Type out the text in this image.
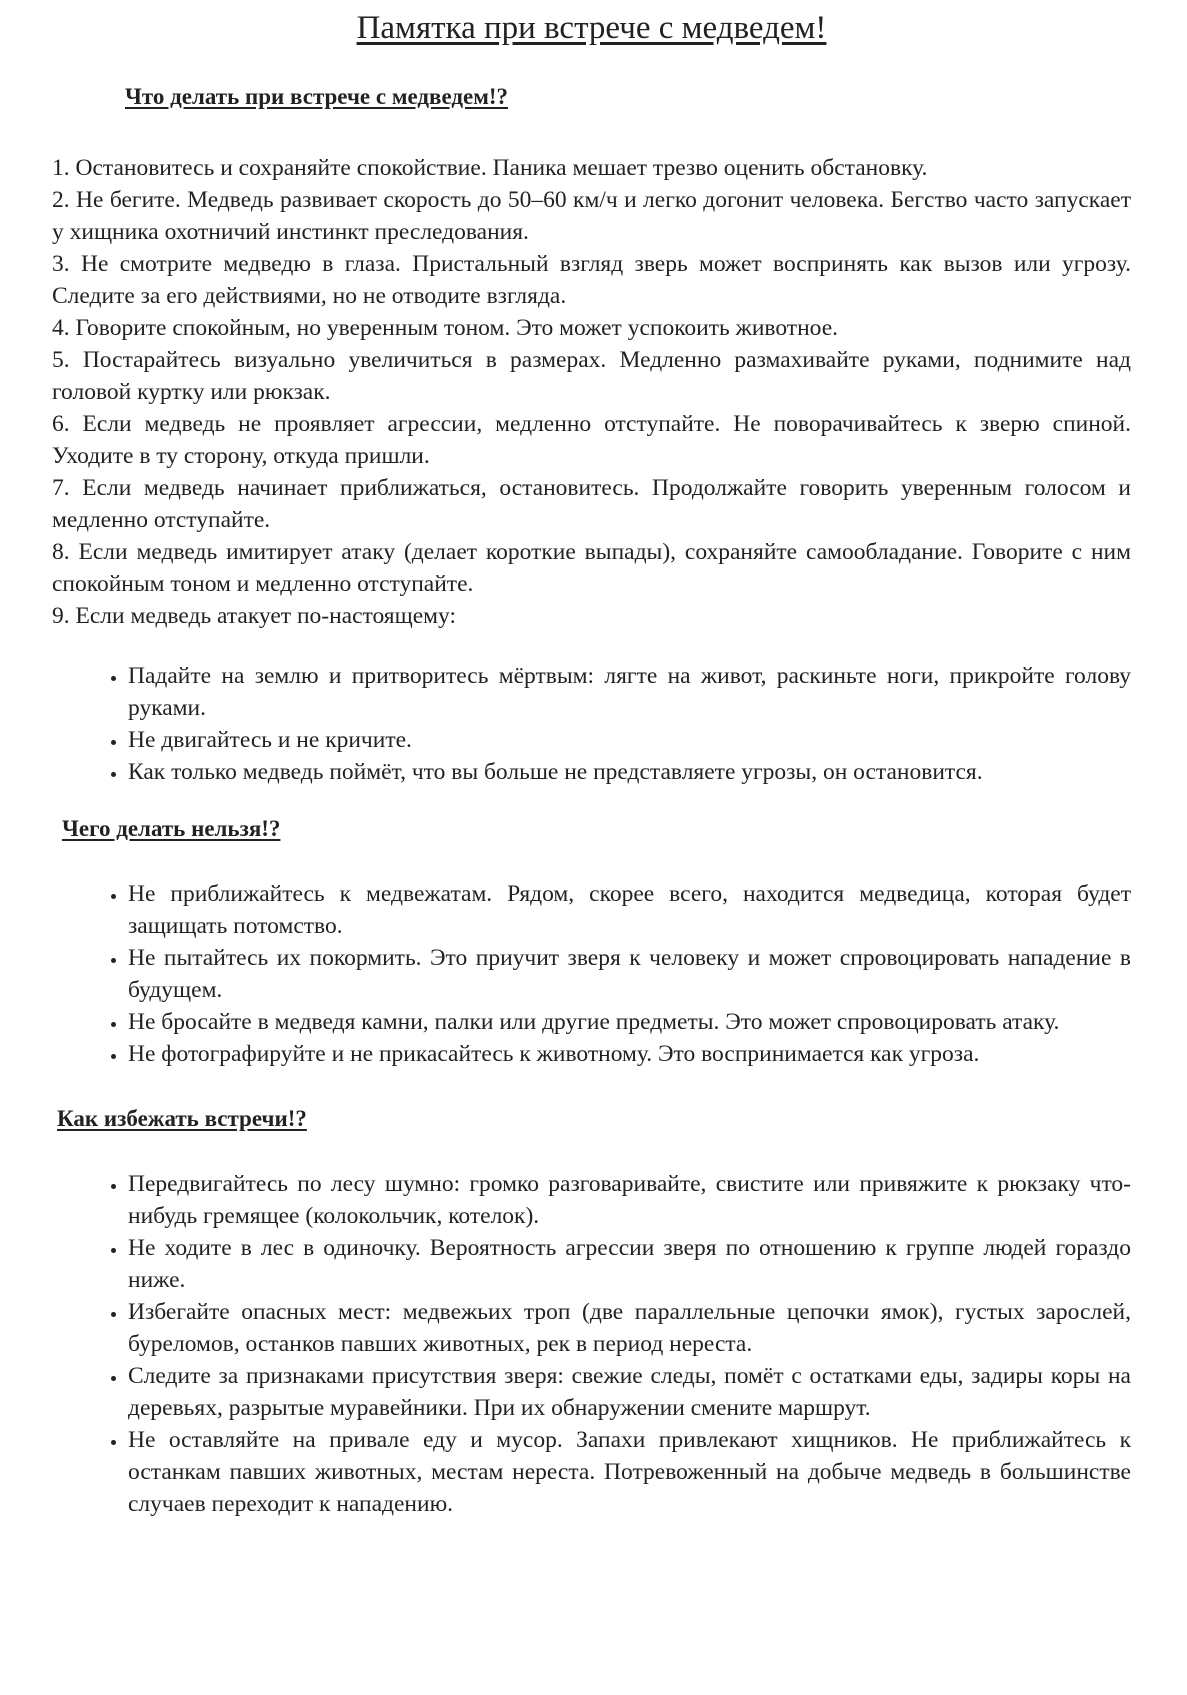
Памятка при встрече с медведем!
Что делать при встрече с медведем!?
1. Остановитесь и сохраняйте спокойствие. Паника мешает трезво оценить обстановку.
2. Не бегите. Медведь развивает скорость до 50–60 км/ч и легко догонит человека. Бегство часто запускает у хищника охотничий инстинкт преследования.
3. Не смотрите медведю в глаза. Пристальный взгляд зверь может воспринять как вызов или угрозу. Следите за его действиями, но не отводите взгляда.
4. Говорите спокойным, но уверенным тоном. Это может успокоить животное.
5. Постарайтесь визуально увеличиться в размерах. Медленно размахивайте руками, поднимите над головой куртку или рюкзак.
6. Если медведь не проявляет агрессии, медленно отступайте. Не поворачивайтесь к зверю спиной. Уходите в ту сторону, откуда пришли.
7. Если медведь начинает приближаться, остановитесь. Продолжайте говорить уверенным голосом и медленно отступайте.
8. Если медведь имитирует атаку (делает короткие выпады), сохраняйте самообладание. Говорите с ним спокойным тоном и медленно отступайте.
9. Если медведь атакует по-настоящему:
• Падайте на землю и притворитесь мёртвым: лягте на живот, раскиньте ноги, прикройте голову руками.
• Не двигайтесь и не кричите.
• Как только медведь поймёт, что вы больше не представляете угрозы, он остановится.
Чего делать нельзя!?
• Не приближайтесь к медвежатам. Рядом, скорее всего, находится медведица, которая будет защищать потомство.
• Не пытайтесь их покормить. Это приучит зверя к человеку и может спровоцировать нападение в будущем.
• Не бросайте в медведя камни, палки или другие предметы. Это может спровоцировать атаку.
• Не фотографируйте и не прикасайтесь к животному. Это воспринимается как угроза.
Как избежать встречи!?
• Передвигайтесь по лесу шумно: громко разговаривайте, свистите или привяжите к рюкзаку что-нибудь гремящее (колокольчик, котелок).
• Не ходите в лес в одиночку. Вероятность агрессии зверя по отношению к группе людей гораздо ниже.
• Избегайте опасных мест: медвежьих троп (две параллельные цепочки ямок), густых зарослей, буреломов, останков павших животных, рек в период нереста.
• Следите за признаками присутствия зверя: свежие следы, помёт с остатками еды, задиры коры на деревьях, разрытые муравейники. При их обнаружении смените маршрут.
• Не оставляйте на привале еду и мусор. Запахи привлекают хищников. Не приближайтесь к останкам павших животных, местам нереста. Потревоженный на добыче медведь в большинстве случаев переходит к нападению.
